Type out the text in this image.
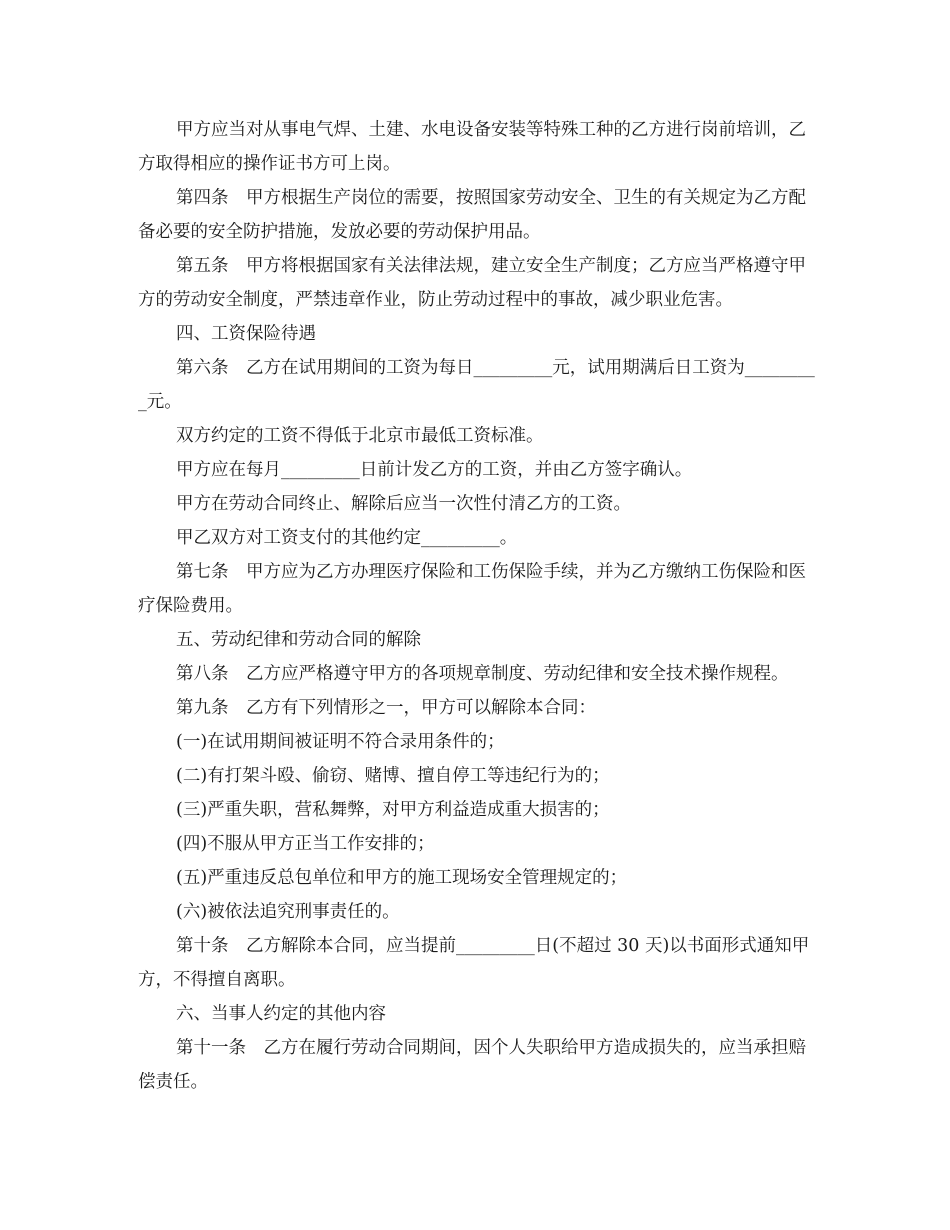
甲方应当对从事电气焊、土建、水电设备安装等特殊工种的乙方进行岗前培训，乙方取得相应的操作证书方可上岗。

第四条　甲方根据生产岗位的需要，按照国家劳动安全、卫生的有关规定为乙方配备必要的安全防护措施，发放必要的劳动保护用品。

第五条　甲方将根据国家有关法律法规，建立安全生产制度；乙方应当严格遵守甲方的劳动安全制度，严禁违章作业，防止劳动过程中的事故，减少职业危害。

四、工资保险待遇

第六条　乙方在试用期间的工资为每日_________元，试用期满后日工资为_________元。

双方约定的工资不得低于北京市最低工资标准。

甲方应在每月_________日前计发乙方的工资，并由乙方签字确认。

甲方在劳动合同终止、解除后应当一次性付清乙方的工资。

甲乙双方对工资支付的其他约定_________。

第七条　甲方应为乙方办理医疗保险和工伤保险手续，并为乙方缴纳工伤保险和医疗保险费用。

五、劳动纪律和劳动合同的解除

第八条　乙方应严格遵守甲方的各项规章制度、劳动纪律和安全技术操作规程。

第九条　乙方有下列情形之一，甲方可以解除本合同：

(一)在试用期间被证明不符合录用条件的；

(二)有打架斗殴、偷窃、赌博、擅自停工等违纪行为的；

(三)严重失职，营私舞弊，对甲方利益造成重大损害的；

(四)不服从甲方正当工作安排的；

(五)严重违反总包单位和甲方的施工现场安全管理规定的；

(六)被依法追究刑事责任的。

第十条　乙方解除本合同，应当提前_________日(不超过 30 天)以书面形式通知甲方，不得擅自离职。

六、当事人约定的其他内容

第十一条　乙方在履行劳动合同期间，因个人失职给甲方造成损失的，应当承担赔偿责任。
